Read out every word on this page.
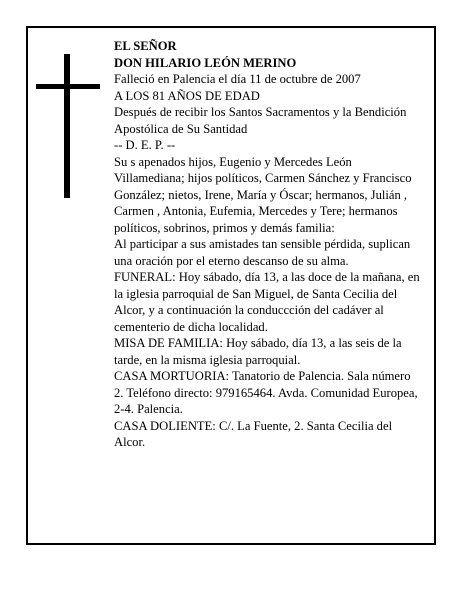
EL SEÑOR
DON HILARIO LEÓN MERINO
Falleció en Palencia el día 11 de octubre de 2007
A LOS 81 AÑOS DE EDAD
Después de recibir los Santos Sacramentos y la Bendición Apostólica de Su Santidad
-- D. E. P. --
Su s apenados hijos, Eugenio y Mercedes León Villamediana; hijos políticos, Carmen Sánchez y Francisco González; nietos, Irene, María y Óscar; hermanos, Julián , Carmen , Antonia, Eufemia, Mercedes y Tere; hermanos políticos, sobrinos, primos y demás familia:
Al participar a sus amistades tan sensible pérdida, suplican una oración por el eterno descanso de su alma.
FUNERAL: Hoy sábado, día 13, a las doce de la mañana, en la iglesia parroquial de San Miguel, de Santa Cecilia del Alcor, y a continuación la conduccción del cadáver al cementerio de dicha localidad.
MISA DE FAMILIA: Hoy sábado, día 13, a las seis de la tarde, en la misma iglesia parroquial.
CASA MORTUORIA: Tanatorio de Palencia. Sala número 2. Teléfono directo: 979165464. Avda. Comunidad Europea, 2-4. Palencia.
CASA DOLIENTE: C/. La Fuente, 2. Santa Cecilia del Alcor.
